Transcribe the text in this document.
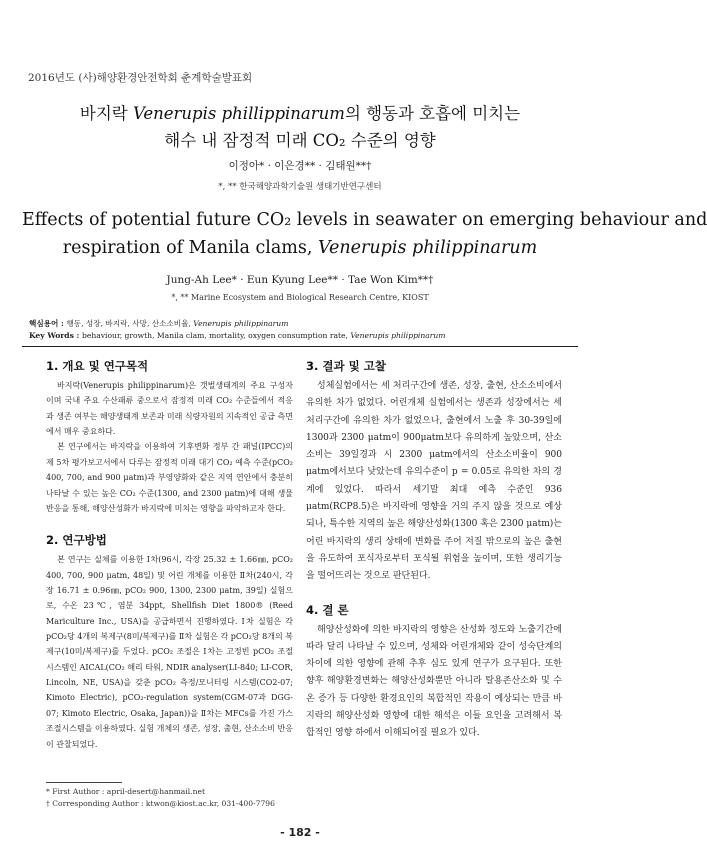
2016년도 (사)해양환경안전학회 춘계학술발표회
바지락 Venerupis phillippinarum의 행동과 호흡에 미치는
해수 내 잠정적 미래 CO₂ 수준의 영향
이정아* · 이은경** · 김태원**†
*, ** 한국해양과학기술원 생태기반연구센터
Effects of potential future CO₂ levels in seawater on emerging behaviour and
respiration of Manila clams, Venerupis philippinarum
Jung-Ah Lee* · Eun Kyung Lee** · Tae Won Kim**†
*, ** Marine Ecosystem and Biological Research Centre, KIOST
핵심용어 : 행동, 성장, 바지락, 사망, 산소소비율, Venerupis philippinarum
Key Words : behaviour, growth, Manila clam, mortality, oxygen consumption rate, Venerupis philippinarum
1. 개요 및 연구목적

바지락(Venerupis philippinarum)은 갯벌생태계의 주요 구성자이며 국내 주요 수산패류 중으로서 잠정적 미래 CO₂ 수준들에서 적응과 생존 여부는 해양생태계 보존과 미래 식량자원의 지속적인 공급 측면에서 매우 중요하다.

본 연구에서는 바지락을 이용하여 기후변화 정부 간 패널(IPCC)의 제 5차 평가보고서에서 다루는 잠정적 미래 대기 CO₂ 예측 수준(pCO₂ 400, 700, and 900 μatm)과 부영양화와 같은 지역 연안에서 충분히 나타날 수 있는 높은 CO₂ 수준(1300, and 2300 μatm)에 대해 생물반응을 통해, 해양산성화가 바지락에 미치는 영향을 파악하고자 한다.

2. 연구방법

본 연구는 실체를 이용한 Ⅰ차(96시, 각장 25.32 ± 1.66㎜, pCO₂ 400, 700, 900 μatm, 48일) 및 어린 개체를 이용한 Ⅱ차(240시, 각장 16.71 ± 0.96㎜, pCO₂ 900, 1300, 2300 μatm, 39일) 실험으로, 수온 23℃, 염분 34ppt, Shellfish Diet 1800® (Reed Mariculture Inc., USA)을 공급하면서 진행하였다. Ⅰ차 실험은 각 pCO₂당 4개의 복제구(8미/복제구)를 Ⅱ차 실험은 각 pCO₂당 8개의 복제구(10미/복제구)를 두었다. pCO₂ 조절은 Ⅰ차는 고정빈 pCO₂ 조절 시스템인 AICAL(CO₂ 해리 타워, NDIR analyser(LI-840; LI-COR, Lincoln, NE, USA)을 갖춘 pCO₂ 측정/모니터링 시스템(CO2-07; Kimoto Electric), pCO₂-regulation system(CGM-07과 DGG-07; Kimoto Electric, Osaka, Japan))을 Ⅱ차는 MFCs를 가진 가스조절시스템을 이용하였다. 실험 개체의 생존, 성장, 출현, 산소소비 반응이 관찰되었다.

3. 결과 및 고찰

성체실험에서는 세 처리구간에 생존, 성장, 출현, 산소소비에서 유의한 차가 없었다. 어린개체 실험에서는 생존과 성장에서는 세 처리구간에 유의한 차가 없었으나, 출현에서 노출 후 30-39일에 1300과 2300 μatm이 900μatm보다 유의하게 높았으며, 산소소비는 39일경과 시 2300 μatm에서의 산소소비율이 900 μatm에서보다 낮았는데 유의수준이 p = 0.05로 유의한 차의 경계에 있었다. 따라서 세기말 최대 예측 수준인 936 μatm(RCP8.5)은 바지락에 영향을 거의 주지 않을 것으로 예상되나, 특수한 지역의 높은 해양산성화(1300 혹은 2300 μatm)는 어린 바지락의 생리 상태에 변화를 주어 저질 밖으로의 높은 출현을 유도하여 포식자로부터 포식될 위험을 높이며, 또한 생리기능을 떨어뜨리는 것으로 판단된다.

4. 결 론

해양산성화에 의한 바지락의 영향은 산성화 정도와 노출기간에 따라 달리 나타날 수 있으며, 성체와 어린개체와 같이 성숙단계의 차이에 의한 영향에 관해 추후 심도 있게 연구가 요구된다. 또한 향후 해양환경변화는 해양산성화뿐만 아니라 탈용존산소화 및 수온 증가 등 다양한 환경요인의 복합적인 작용이 예상되는 만큼 바지락의 해양산성화 영향에 대한 해석은 이들 요인을 고려해서 복합적인 영향 하에서 이해되어질 필요가 있다.

* First Author : april-desert@hanmail.net
† Corresponding Author : ktwon@kiost.ac.kr, 031-400-7796
- 182 -
